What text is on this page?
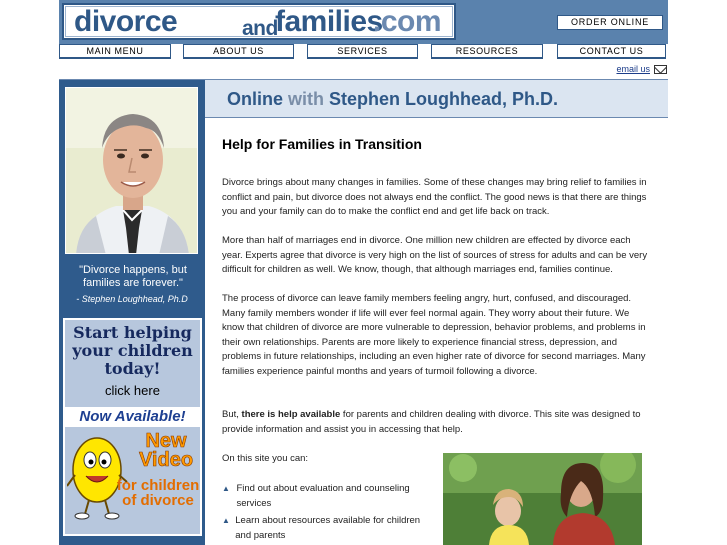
divorce	and
families
.com	ORDER ONLINE
MAIN MENU	ABOUT US	SERVICES	RESOURCES	CONTACT US
email us
"Divorce happens, but families are forever."
- Stephen Loughhead, Ph.D
Start helping
your children
today!
click here
Now Available!
New
Video
for children
of divorce
Online with Stephen Loughhead, Ph.D.
Help for Families in Transition
Divorce brings about many changes in families. Some of these changes may bring relief to families in conflict and pain, but divorce does not always end the conflict. The good news is that there are things you and your family can do to make the conflict end and get life back on track.
More than half of marriages end in divorce. One million new children are effected by divorce each year. Experts agree that divorce is very high on the list of sources of stress for adults and can be very difficult for children as well. We know, though, that although marriages end, families continue.
The process of divorce can leave family members feeling angry, hurt, confused, and discouraged. Many family members wonder if life will ever feel normal again. They worry about their future. We know that children of divorce are more vulnerable to depression, behavior problems, and problems in their own relationships. Parents are more likely to experience financial stress, depression, and problems in future relationships, including an even higher rate of divorce for second marriages. Many families experience painful months and years of turmoil following a divorce.
But, there is help available for parents and children dealing with divorce. This site was designed to provide information and assist you in accessing that help.
On this site you can:
▲ Find out about evaluation and counseling services
▲ Learn about resources available for children and parents
